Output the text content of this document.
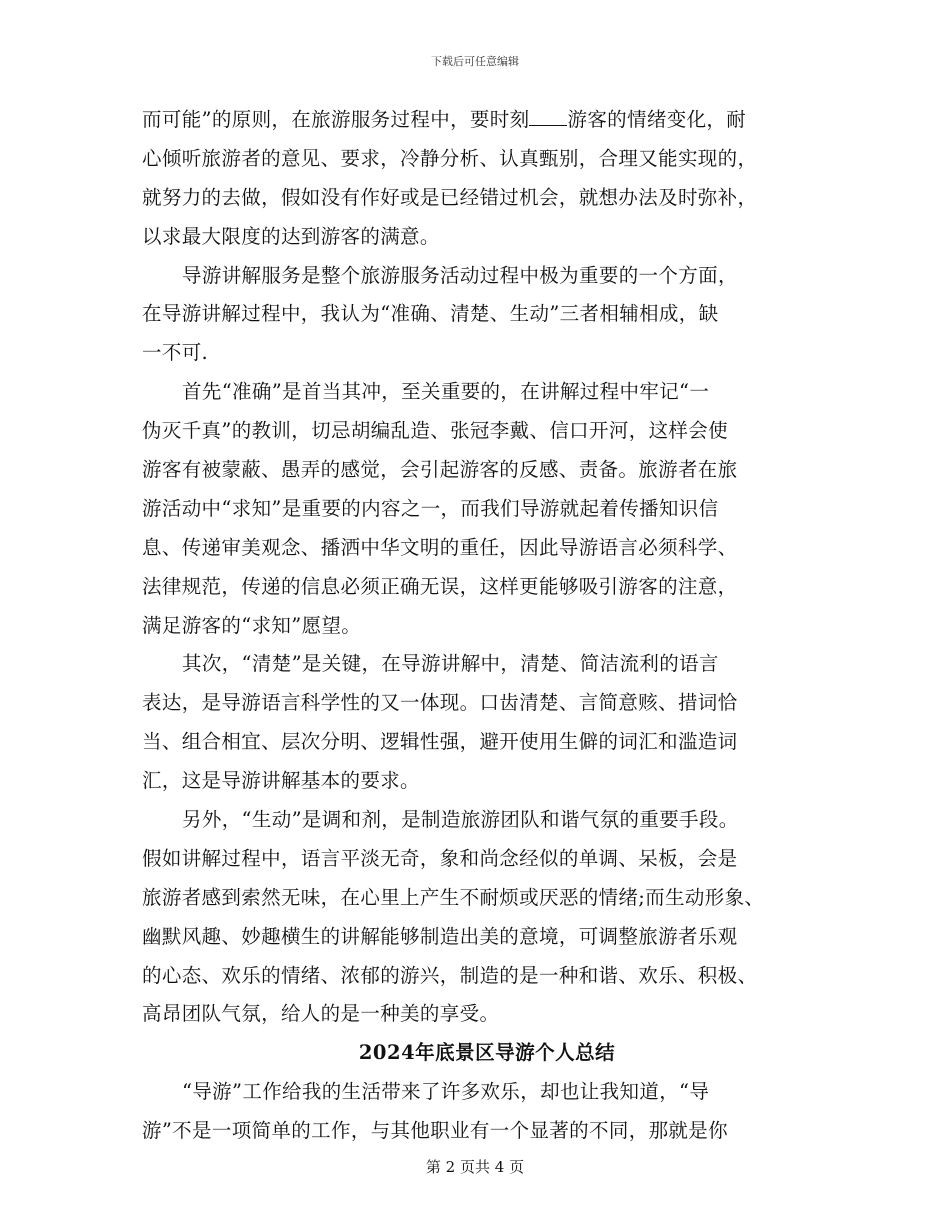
下载后可任意编辑
而可能”的原则，在旅游服务过程中，要时刻 游客的情绪变化，耐
心倾听旅游者的意见、要求，冷静分析、认真甄别，合理又能实现的，
就努力的去做，假如没有作好或是已经错过机会，就想办法及时弥补，
以求最大限度的达到游客的满意。
导游讲解服务是整个旅游服务活动过程中极为重要的一个方面，
在导游讲解过程中，我认为“准确、清楚、生动”三者相辅相成，缺
一不可.
首先“准确”是首当其冲，至关重要的，在讲解过程中牢记“一
伪灭千真”的教训，切忌胡编乱造、张冠李戴、信口开河，这样会使
游客有被蒙蔽、愚弄的感觉，会引起游客的反感、责备。旅游者在旅
游活动中“求知”是重要的内容之一，而我们导游就起着传播知识信
息、传递审美观念、播洒中华文明的重任，因此导游语言必须科学、
法律规范，传递的信息必须正确无误，这样更能够吸引游客的注意，
满足游客的“求知”愿望。
其次，“清楚”是关键，在导游讲解中，清楚、简洁流利的语言
表达，是导游语言科学性的又一体现。口齿清楚、言简意赅、措词恰
当、组合相宜、层次分明、逻辑性强，避开使用生僻的词汇和滥造词
汇，这是导游讲解基本的要求。
另外，“生动”是调和剂，是制造旅游团队和谐气氛的重要手段。
假如讲解过程中，语言平淡无奇，象和尚念经似的单调、呆板，会是
旅游者感到索然无味，在心里上产生不耐烦或厌恶的情绪;而生动形象、
幽默风趣、妙趣横生的讲解能够制造出美的意境，可调整旅游者乐观
的心态、欢乐的情绪、浓郁的游兴，制造的是一种和谐、欢乐、积极、
高昂团队气氛，给人的是一种美的享受。
2024年底景区导游个人总结
“导游”工作给我的生活带来了许多欢乐，却也让我知道，“导
游”不是一项简单的工作，与其他职业有一个显著的不同，那就是你
第 2 页共 4 页
